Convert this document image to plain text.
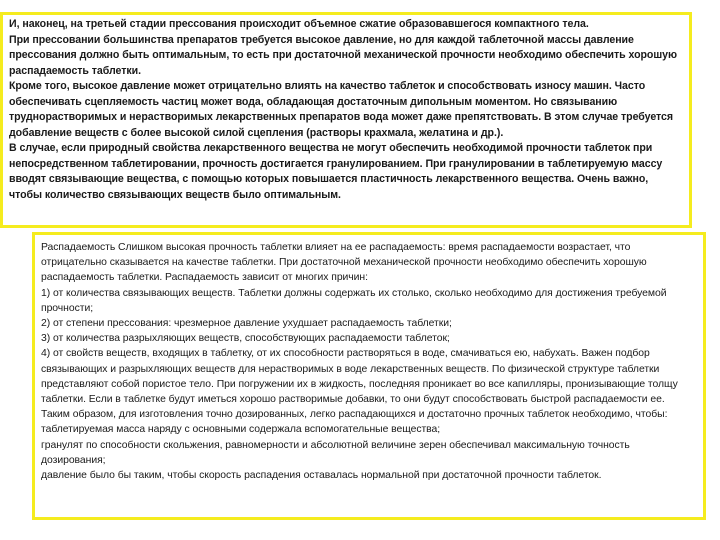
И, наконец, на третьей стадии прессования происходит объемное сжатие образовавшегося компактного тела.
При прессовании большинства препаратов требуется высокое давление, но для каждой таблеточной массы давление прессования должно быть оптимальным, то есть при достаточной механической прочности необходимо обеспечить хорошую распадаемость таблетки.

Кроме того, высокое давление может отрицательно влиять на качество таблеток и способствовать износу машин. Часто обеспечивать сцепляемость частиц может вода, обладающая достаточным дипольным моментом. Но связыванию труднорастворимых и нерастворимых лекарственных препаратов вода может даже препятствовать. В этом случае требуется добавление веществ с более высокой силой сцепления (растворы крахмала, желатина и др.).

В случае, если природный свойства лекарственного вещества не могут обеспечить необходимой прочности таблеток при непосредственном таблетировании, прочность достигается гранулированием. При гранулировании в таблетируемую массу вводят связывающие вещества, с помощью которых повышается пластичность лекарственного вещества. Очень важно, чтобы количество связывающих веществ было оптимальным.

Распадаемость Слишком высокая прочность таблетки влияет на ее распадаемость: время распадаемости возрастает, что отрицательно сказывается на качестве таблетки. При достаточной механической прочности необходимо обеспечить хорошую распадаемость таблетки. Распадаемость зависит от многих причин:

1) от количества связывающих веществ. Таблетки должны содержать их столько, сколько необходимо для достижения требуемой прочности;

2) от степени прессования: чрезмерное давление ухудшает распадаемость таблетки;

3) от количества разрыхляющих веществ, способствующих распадаемости таблеток;

4) от свойств веществ, входящих в таблетку, от их способности растворяться в воде, смачиваться ею, набухать. Важен подбор связывающих и разрыхляющих веществ для нерастворимых в воде лекарственных веществ. По физической структуре таблетки представляют собой пористое тело. При погружении их в жидкость, последняя проникает во все капилляры, пронизывающие толщу таблетки. Если в таблетке будут иметься хорошо растворимые добавки, то они будут способствовать быстрой распадаемости ее.

Таким образом, для изготовления точно дозированных, легко распадающихся и достаточно прочных таблеток необходимо, чтобы:

таблетируемая масса наряду с основными содержала вспомогательные вещества;

гранулят по способности скольжения, равномерности и абсолютной величине зерен обеспечивал максимальную точность дозирования;

давление было бы таким, чтобы скорость распадения оставалась нормальной при достаточной прочности таблеток.
